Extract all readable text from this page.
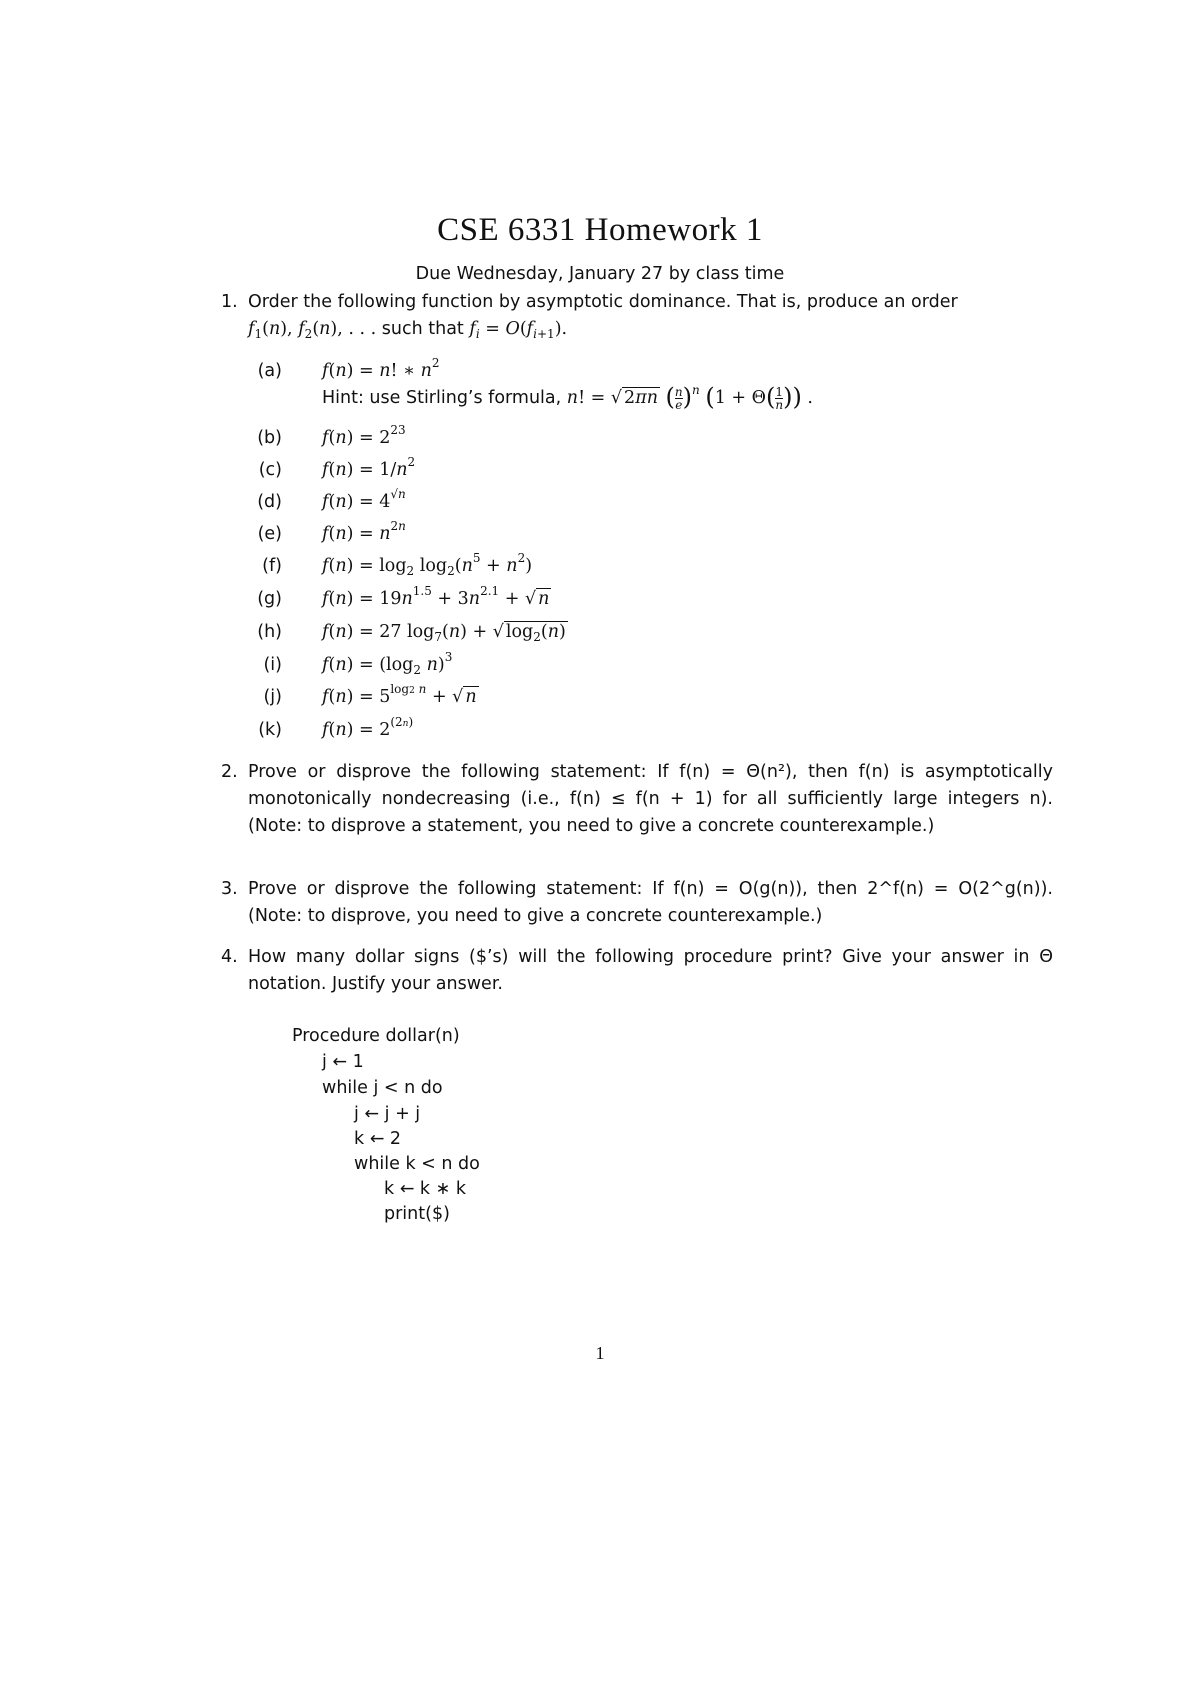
CSE 6331 Homework 1
Due Wednesday, January 27 by class time
1. Order the following function by asymptotic dominance. That is, produce an order
$f_1(n)$, $f_2(n)$, . . . such that $f_i = O(f_{i+1})$.
(a) f(n) = n! ∗ $n^2$
Hint: use Stirling’s formula, n! = √ 2πn ( $\frac{n}{e} )^n$ ($1 + \Theta( \frac{1}{n}$ )) .
(b) $f(n) = 2^{23}$
(c) $f(n) = 1/n^2$
(d) $f(n) = 4^{√n}$
(e) $f(n) = n^{2n}$
(f) $f(n) = \log_2 \log_2(n^5 + n^2)$
(g) $f(n) = 19n^{1.5} + 3n^{2.1}$ + √ n
(h) f(n) = 27 $\log_7(n)$ + √ $\log_2(n)$
(i) $f(n) = (\log_2$ n)$^3$
(j) $f(n) = 5^{log2 n}$ + √ n
(k) $f(n) = 2^{(2n)}$
2. Prove or disprove the following statement: If f(n) = Θ(n²), then f(n) is asymptotically monotonically nondecreasing (i.e., f(n) ≤ f(n + 1) for all sufficiently large integers n). (Note: to disprove a statement, you need to give a concrete counterexample.)
3. Prove or disprove the following statement: If f(n) = O(g(n)), then 2^f(n) = O(2^g(n)). (Note: to disprove, you need to give a concrete counterexample.)
4. How many dollar signs ($’s) will the following procedure print? Give your answer in Θ notation. Justify your answer.
Procedure dollar(n)
j ← 1
while j < n do
j ← j + j
k ← 2
while k < n do
k ← k ∗ k
print($)
1
